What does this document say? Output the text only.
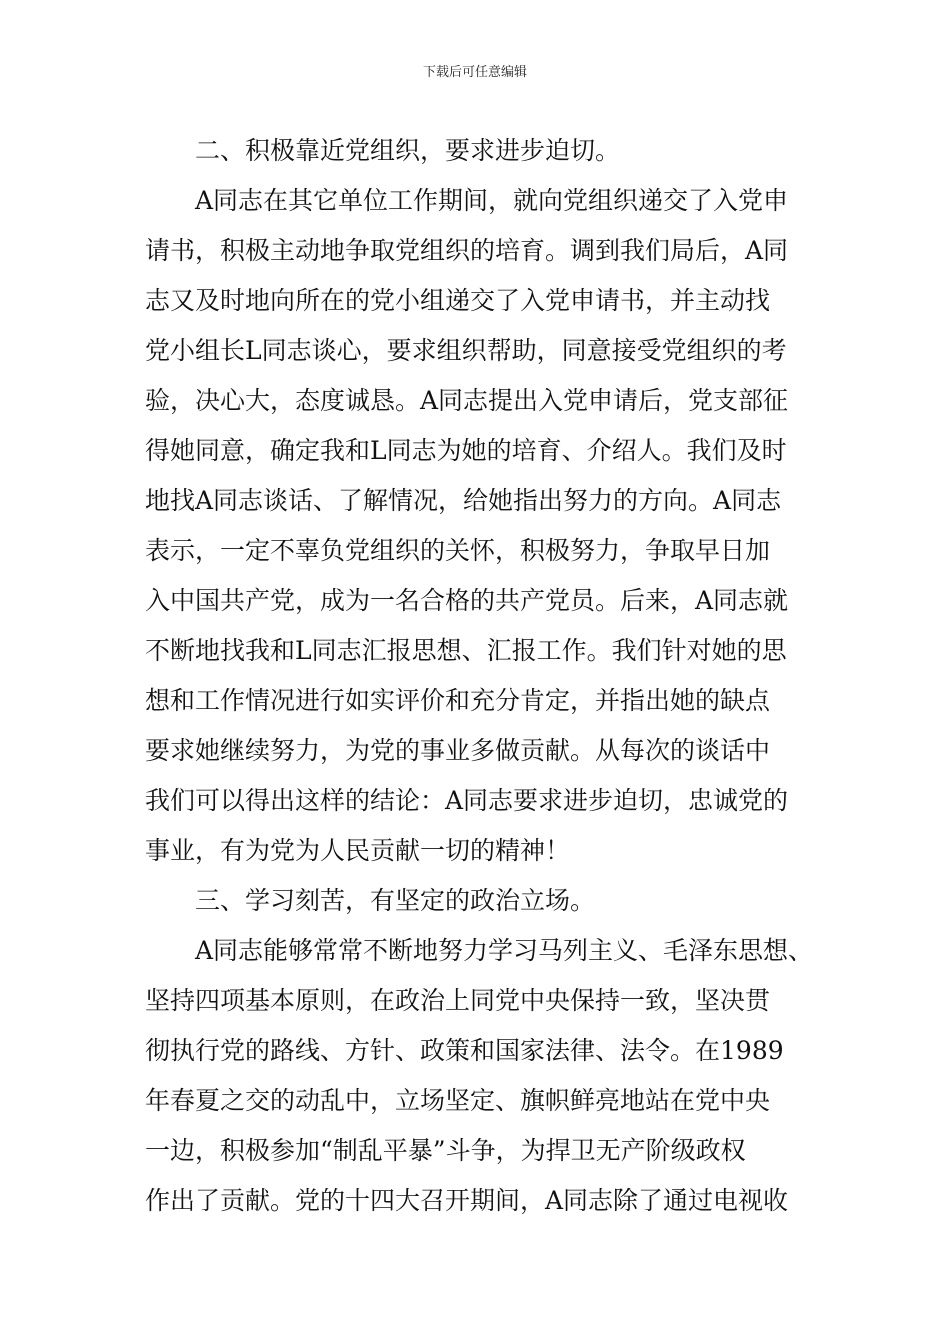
下载后可任意编辑
二、积极靠近党组织，要求进步迫切。
A同志在其它单位工作期间，就向党组织递交了入党申
请书，积极主动地争取党组织的培育。调到我们局后，A同
志又及时地向所在的党小组递交了入党申请书，并主动找
党小组长L同志谈心，要求组织帮助，同意接受党组织的考
验，决心大，态度诚恳。A同志提出入党申请后，党支部征
得她同意，确定我和L同志为她的培育、介绍人。我们及时
地找A同志谈话、了解情况，给她指出努力的方向。A同志
表示，一定不辜负党组织的关怀，积极努力，争取早日加
入中国共产党，成为一名合格的共产党员。后来，A同志就
不断地找我和L同志汇报思想、汇报工作。我们针对她的思
想和工作情况进行如实评价和充分肯定，并指出她的缺点
要求她继续努力，为党的事业多做贡献。从每次的谈话中
我们可以得出这样的结论：A同志要求进步迫切，忠诚党的
事业，有为党为人民贡献一切的精神！
三、学习刻苦，有坚定的政治立场。
A同志能够常常不断地努力学习马列主义、毛泽东思想、
坚持四项基本原则，在政治上同党中央保持一致，坚决贯
彻执行党的路线、方针、政策和国家法律、法令。在1989
年春夏之交的动乱中，立场坚定、旗帜鲜亮地站在党中央
一边，积极参加“制乱平暴”斗争，为捍卫无产阶级政权
作出了贡献。党的十四大召开期间，A同志除了通过电视收
